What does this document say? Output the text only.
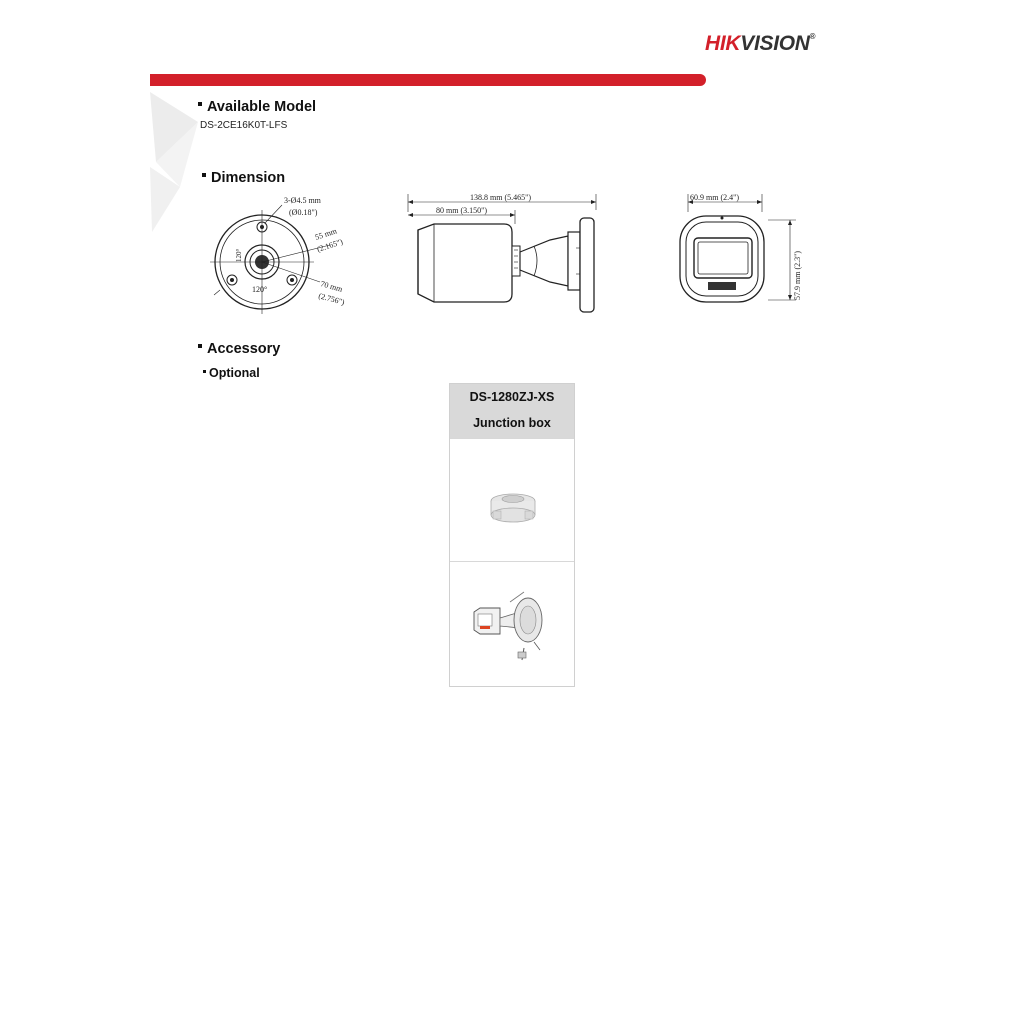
HIKVISION®
Available Model
DS-2CE16K0T-LFS
Dimension
3-Ø4.5 mm
(Ø0.18")
55 mm
(2.165")
70 mm
(2.756")
120°
120°
138.8 mm (5.465")
80 mm (3.150")
60.9 mm (2.4")
57.9 mm (2.3")
Accessory
Optional
DS-1280ZJ-XS
Junction box
